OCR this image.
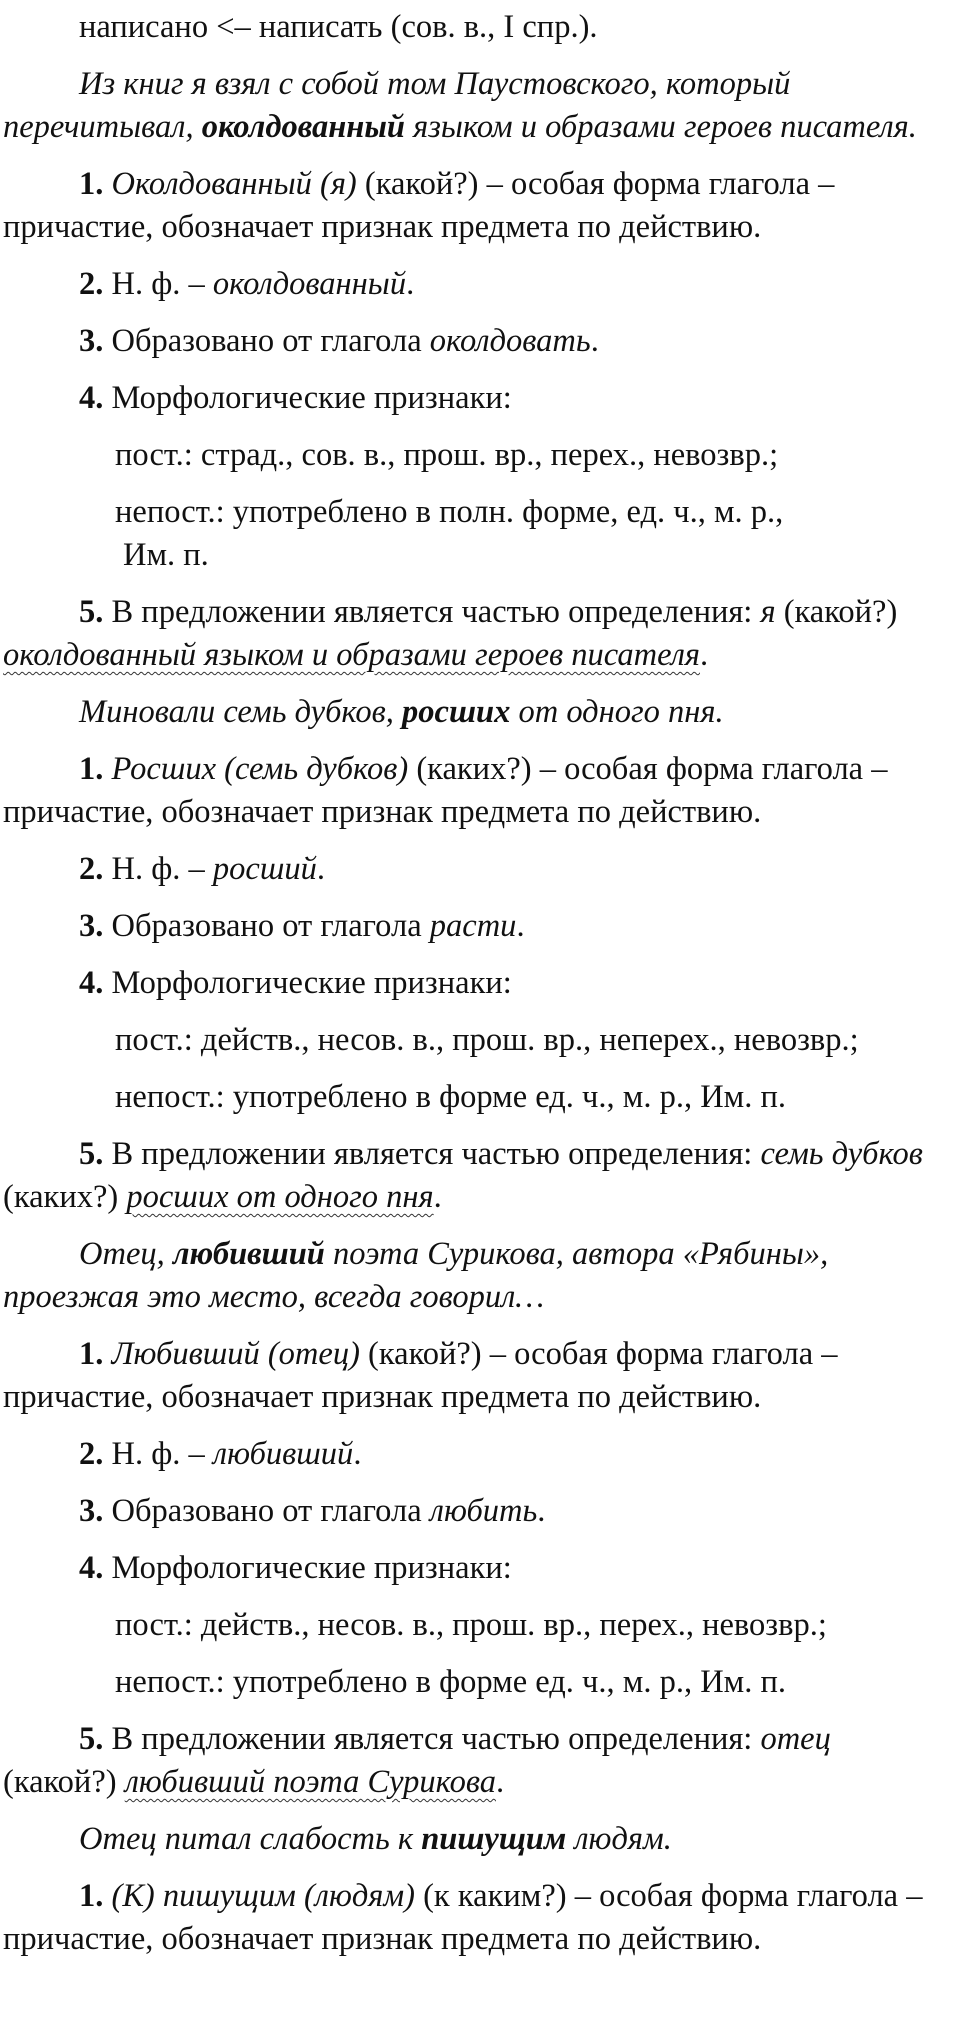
написано <– написать (сов. в., I спр.).

Из книг я взял с собой том Паустовского, который перечитывал, околдованный языком и образами героев писателя.

1. Околдованный (я) (какой?) – особая форма глагола – причастие, обозначает признак предмета по действию.

2. Н. ф. – околдованный.

3. Образовано от глагола околдовать.

4. Морфологические признаки:

пост.: страд., сов. в., прош. вр., перех., невозвр.;

непост.: употреблено в полн. форме, ед. ч., м. р.,

Им. п.

5. В предложении является частью определения: я (какой?) околдованный языком и образами героев писателя.

Миновали семь дубков, росших от одного пня.

1. Росших (семь дубков) (каких?) – особая форма глагола – причастие, обозначает признак предмета по действию.

2. Н. ф. – росший.

3. Образовано от глагола расти.

4. Морфологические признаки:

пост.: действ., несов. в., прош. вр., неперех., невозвр.;

непост.: употреблено в форме ед. ч., м. р., Им. п.

5. В предложении является частью определения: семь дубков (каких?) росших от одного пня.

Отец, любивший поэта Сурикова, автора «Рябины», проезжая это место, всегда говорил…

1. Любивший (отец) (какой?) – особая форма глагола – причастие, обозначает признак предмета по действию.

2. Н. ф. – любивший.

3. Образовано от глагола любить.

4. Морфологические признаки:

пост.: действ., несов. в., прош. вр., перех., невозвр.;

непост.: употреблено в форме ед. ч., м. р., Им. п.

5. В предложении является частью определения: отец (какой?) любивший поэта Сурикова.

Отец питал слабость к пишущим людям.

1. (К) пишущим (людям) (к каким?) – особая форма глагола – причастие, обозначает признак предмета по действию.
